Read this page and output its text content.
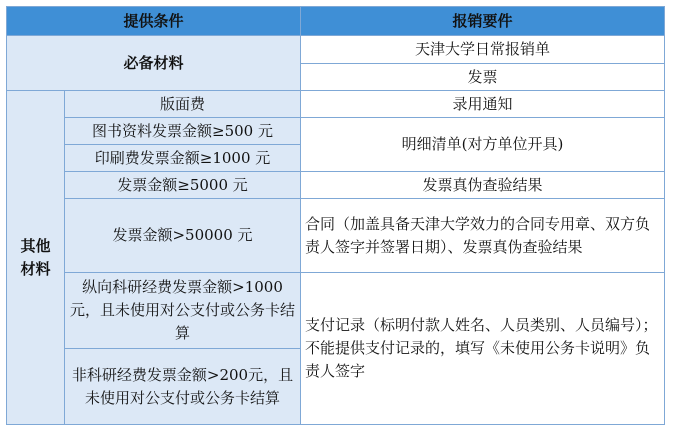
提供条件		报销要件
必备材料		天津大学日常报销单
		发票
其他
材料	版面费	录用通知
	图书资料发票金额≥500 元	明细清单(对方单位开具)
	印刷费发票金额≥1000 元	
	发票金额≥5000 元	发票真伪查验结果
	发票金额>50000 元	合同（加盖具备天津大学效力的合同专用章、双方负责人签字并签署日期）、发票真伪查验结果
	纵向科研经费发票金额>1000元，且未使用对公支付或公务卡结算	支付记录（标明付款人姓名、人员类别、人员编号）；不能提供支付记录的，填写《未使用公务卡说明》负责人签字
	非科研经费发票金额>200元，且未使用对公支付或公务卡结算	
